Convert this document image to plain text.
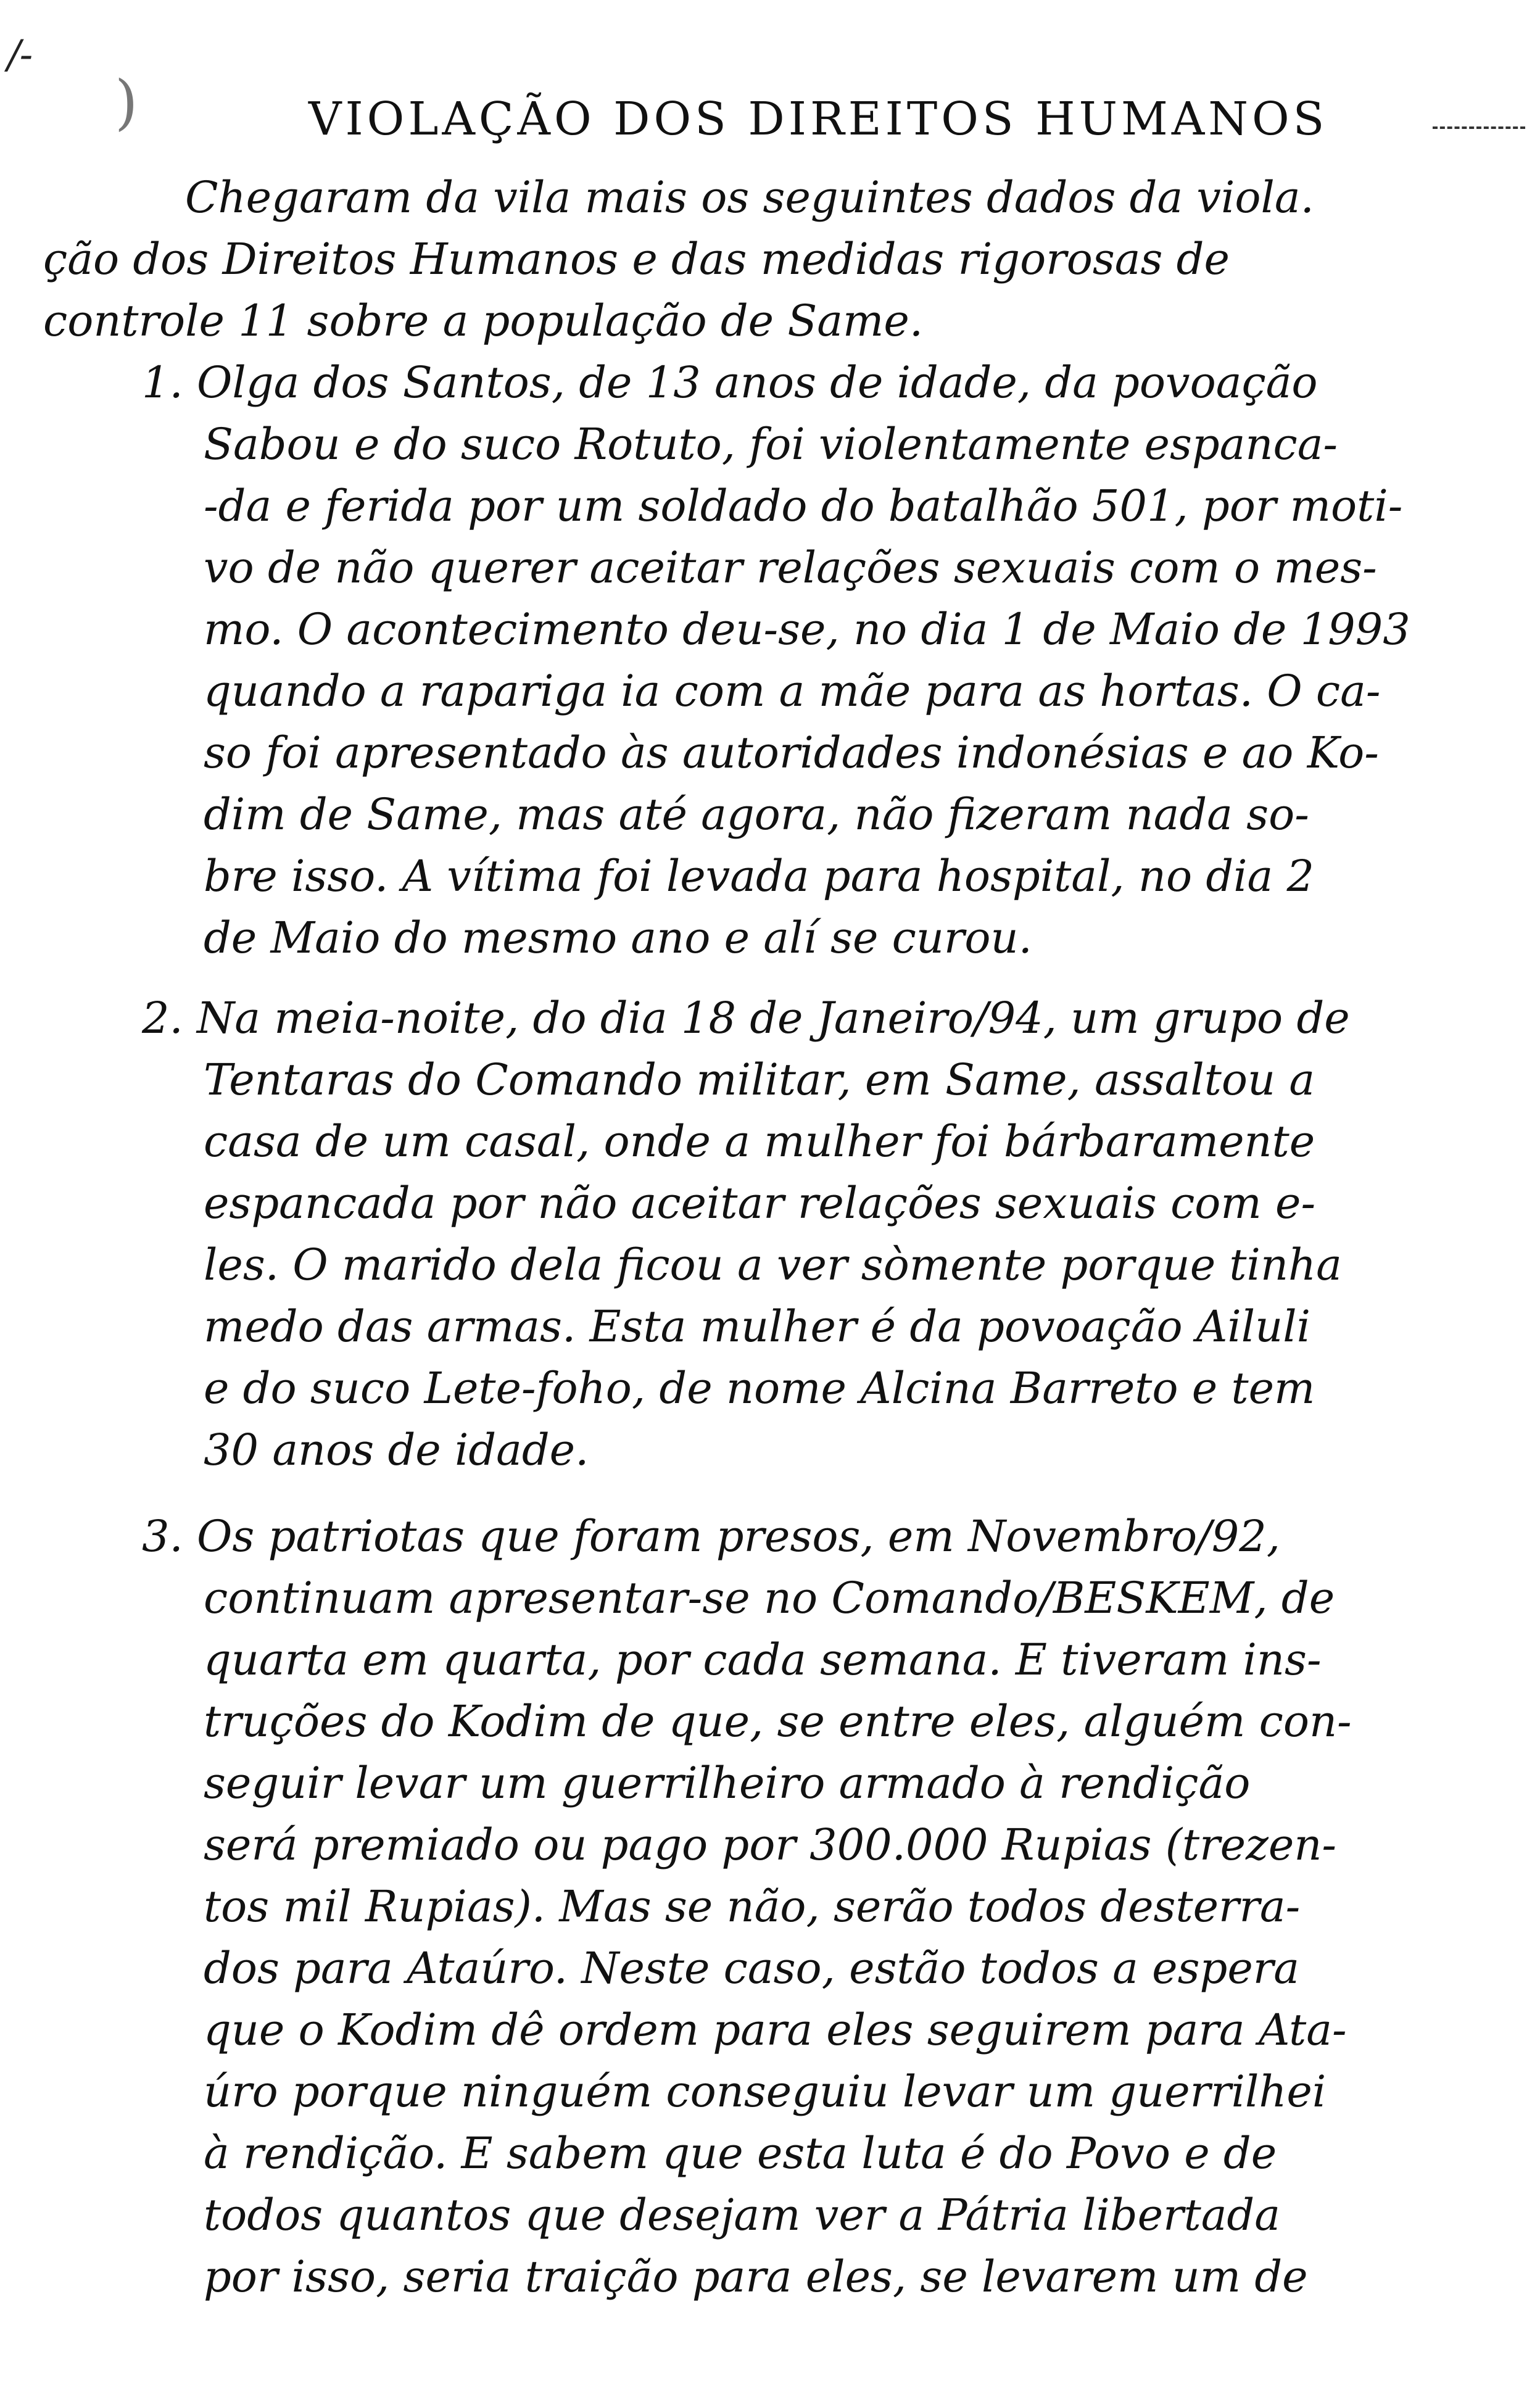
/-
)	VIOLAÇÃO DOS DIREITOS HUMANOS
Chegaram da vila mais os seguintes dados da viola.
ção dos Direitos Humanos e das medidas rigorosas de
controle 11 sobre a população de Same.
1. Olga dos Santos, de 13 anos de idade, da povoação
Sabou e do suco Rotuto, foi violentamente espanca-
-da e ferida por um soldado do batalhão 501, por moti-
vo de não querer aceitar relações sexuais com o mes-
mo. O acontecimento deu-se, no dia 1 de Maio de 1993
quando a rapariga ia com a mãe para as hortas. O ca-
so foi apresentado às autoridades indonésias e ao Ko-
dim de Same, mas até agora, não fizeram nada so-
bre isso. A vítima foi levada para hospital, no dia 2
de Maio do mesmo ano e alí se curou.
2. Na meia-noite, do dia 18 de Janeiro/94, um grupo de
Tentaras do Comando militar, em Same, assaltou a
casa de um casal, onde a mulher foi bárbaramente
espancada por não aceitar relações sexuais com e-
les. O marido dela ficou a ver sòmente porque tinha
medo das armas. Esta mulher é da povoação Ailuli
e do suco Lete-foho, de nome Alcina Barreto e tem
30 anos de idade.
3. Os patriotas que foram presos, em Novembro/92,
continuam apresentar-se no Comando/BESKEM, de
quarta em quarta, por cada semana. E tiveram ins-
truções do Kodim de que, se entre eles, alguém con-
seguir levar um guerrilheiro armado à rendição
será premiado ou pago por 300.000 Rupias (trezen-
tos mil Rupias). Mas se não, serão todos desterra-
dos para Ataúro. Neste caso, estão todos a espera
que o Kodim dê ordem para eles seguirem para Ata-
úro porque ninguém conseguiu levar um guerrilhei
à rendição. E sabem que esta luta é do Povo e de
todos quantos que desejam ver a Pátria libertada
por isso, seria traição para eles, se levarem um de
